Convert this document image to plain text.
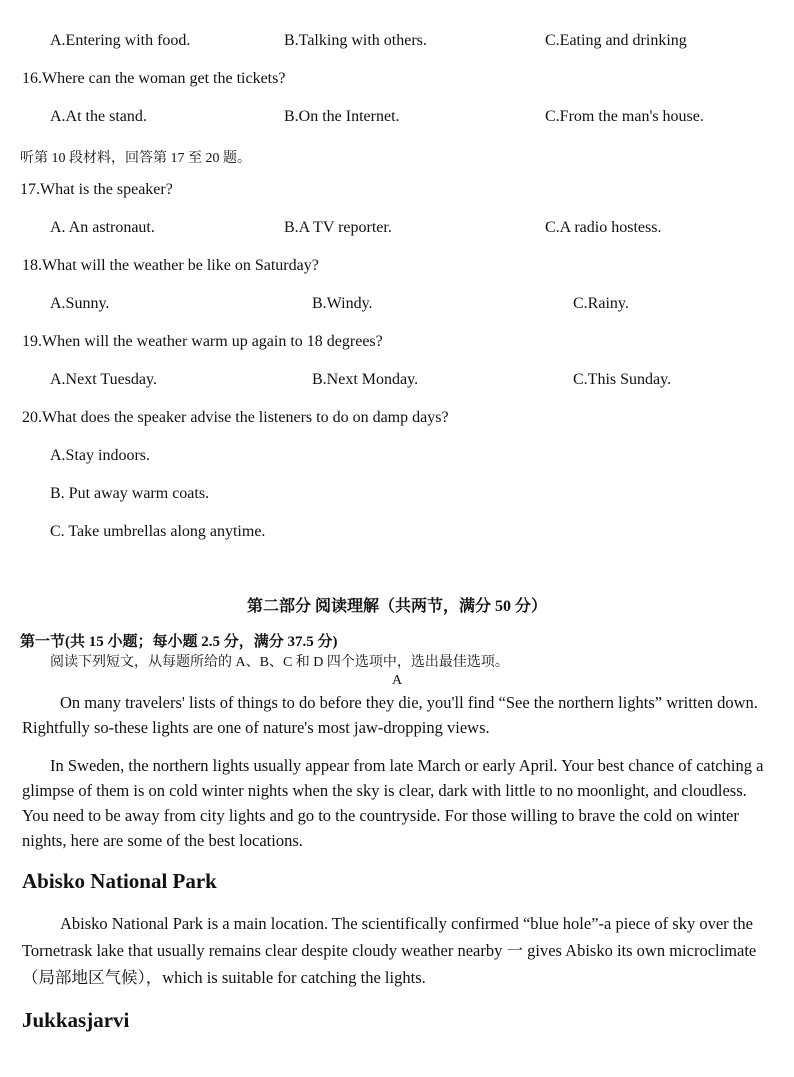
A.Entering with food.	B.Talking with others.	C.Eating and drinking
16.Where can the woman get the tickets?
A.At the stand.	B.On the Internet.	C.From the man's house.
听第 10 段材料，回答第 17 至 20 题。
17.What is the speaker?
A. An astronaut.	B.A TV reporter.	C.A radio hostess.
18.What will the weather be like on Saturday?
A.Sunny.	B.Windy.	C.Rainy.
19.When will the weather warm up again to 18 degrees?
A.Next Tuesday.	B.Next Monday.	C.This Sunday.
20.What does the speaker advise the listeners to do on damp days?
A.Stay indoors.
B. Put away warm coats.
C. Take umbrellas along anytime.
第二部分 阅读理解（共两节，满分 50 分）
第一节(共 15 小题；每小题 2.5 分，满分 37.5 分)
阅读下列短文，从每题所给的 A、B、C 和 D 四个选项中，选出最佳选项。
A
On many travelers' lists of things to do before they die, you'll find “See the northern lights” written down. Rightfully so-these lights are one of nature's most jaw-dropping views.
In Sweden, the northern lights usually appear from late March or early April. Your best chance of catching a glimpse of them is on cold winter nights when the sky is clear, dark with little to no moonlight, and cloudless. You need to be away from city lights and go to the countryside. For those willing to brave the cold on winter nights, here are some of the best locations.
Abisko National Park
Abisko National Park is a main location. The scientifically confirmed “blue hole”-a piece of sky over the Tornetrask lake that usually remains clear despite cloudy weather nearby 一 gives Abisko its own microclimate （局部地区气候），which is suitable for catching the lights.
Jukkasjarvi
